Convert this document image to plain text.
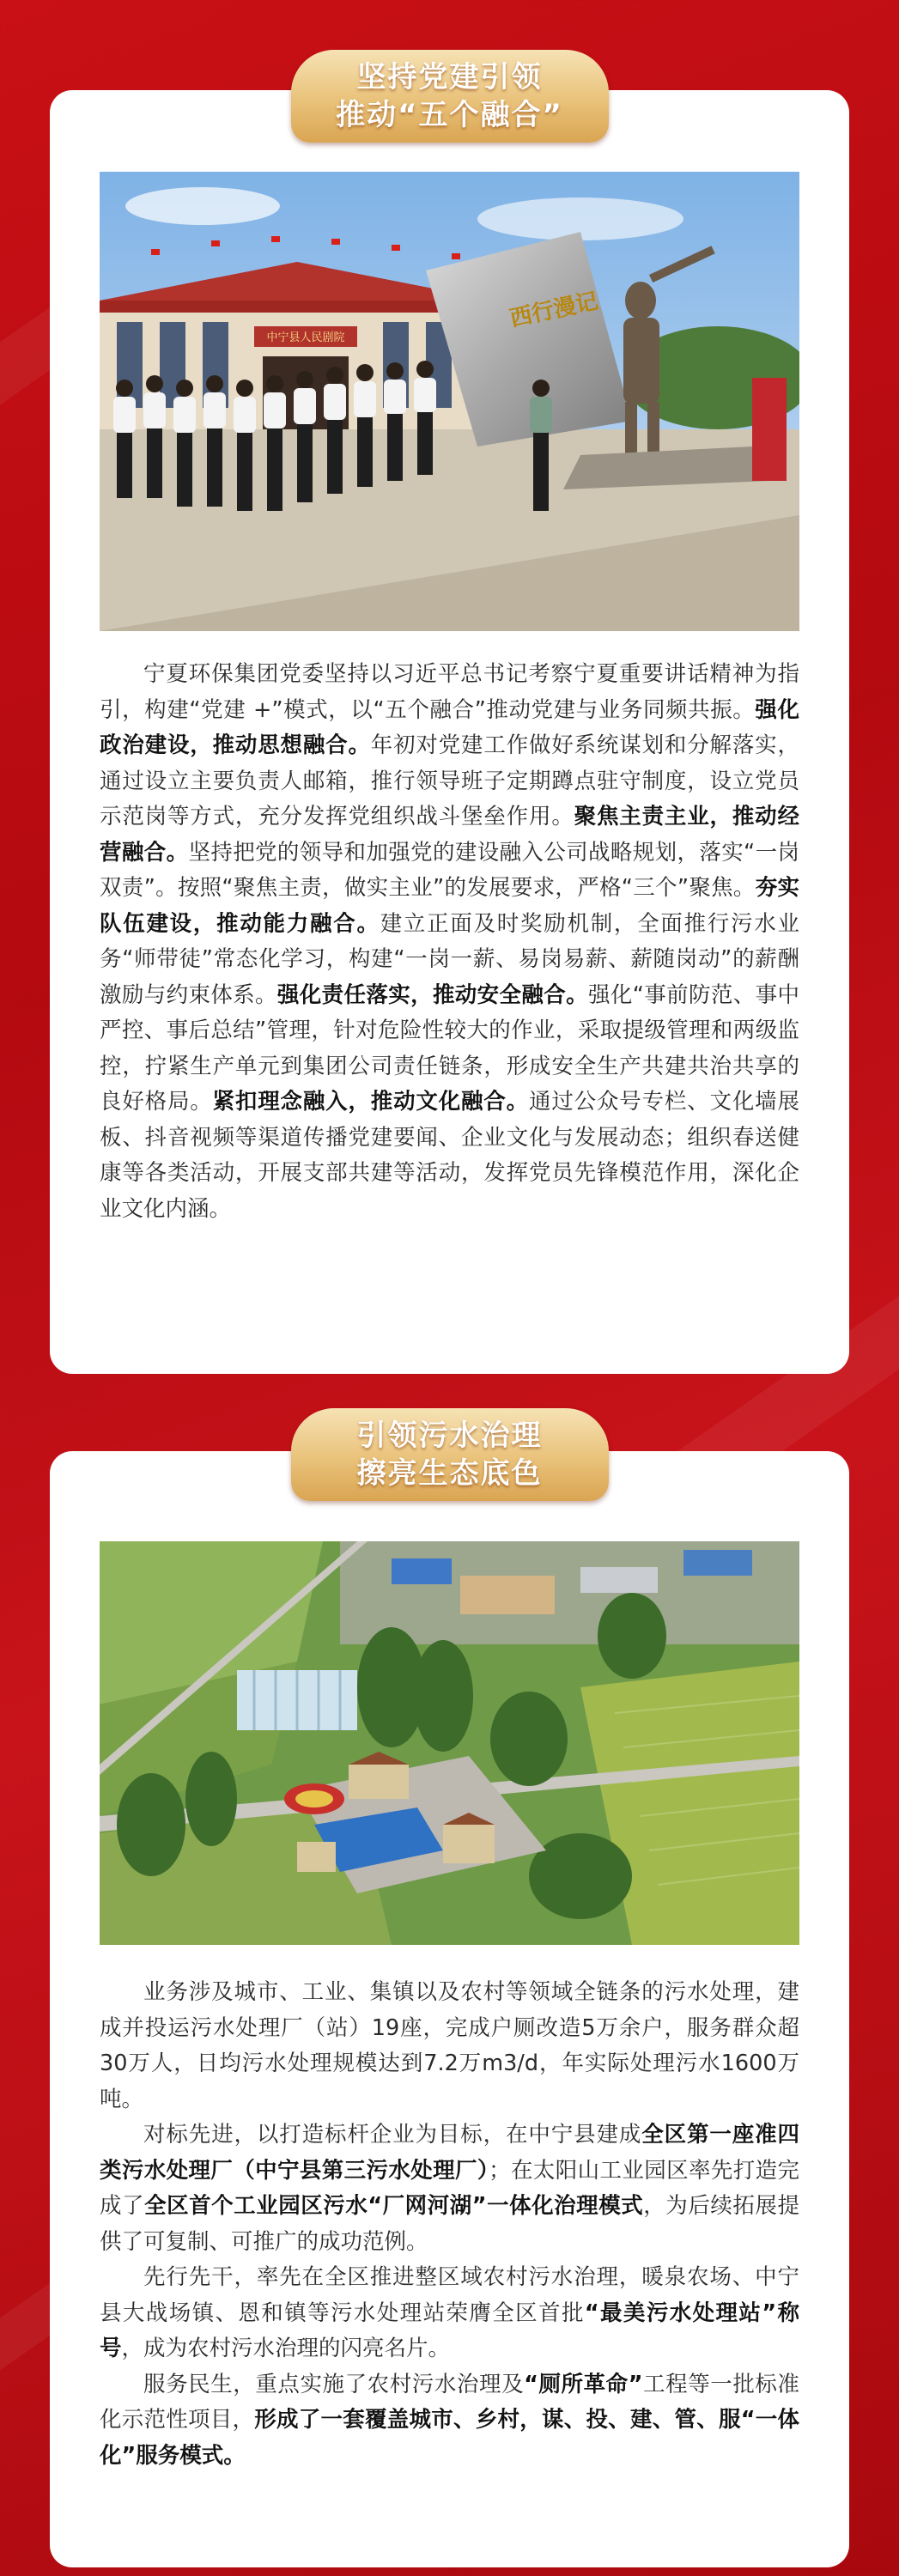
中宁县人民剧院
西行漫记

宁夏环保集团党委坚持以习近平总书记考察宁夏重要讲话精神为指引，构建“党建 +”模式，以“五个融合”推动党建与业务同频共振。强化政治建设，推动思想融合。年初对党建工作做好系统谋划和分解落实，通过设立主要负责人邮箱，推行领导班子定期蹲点驻守制度，设立党员示范岗等方式，充分发挥党组织战斗堡垒作用。聚焦主责主业，推动经营融合。坚持把党的领导和加强党的建设融入公司战略规划，落实“一岗双责”。按照“聚焦主责，做实主业”的发展要求，严格“三个”聚焦。夯实队伍建设，推动能力融合。建立正面及时奖励机制，全面推行污水业务“师带徒”常态化学习，构建“一岗一薪、易岗易薪、薪随岗动”的薪酬激励与约束体系。强化责任落实，推动安全融合。强化“事前防范、事中严控、事后总结”管理，针对危险性较大的作业，采取提级管理和两级监控，拧紧生产单元到集团公司责任链条，形成安全生产共建共治共享的良好格局。紧扣理念融入，推动文化融合。通过公众号专栏、文化墙展板、抖音视频等渠道传播党建要闻、企业文化与发展动态；组织春送健康等各类活动，开展支部共建等活动，发挥党员先锋模范作用，深化企业文化内涵。

坚持党建引领
推动“五个融合”

业务涉及城市、工业、集镇以及农村等领域全链条的污水处理，建成并投运污水处理厂（站）19座，完成户厕改造5万余户，服务群众超30万人，日均污水处理规模达到7.2万m3/d，年实际处理污水1600万吨。

对标先进，以打造标杆企业为目标，在中宁县建成全区第一座准四类污水处理厂（中宁县第三污水处理厂）；在太阳山工业园区率先打造完成了全区首个工业园区污水“厂网河湖”一体化治理模式，为后续拓展提供了可复制、可推广的成功范例。

先行先干，率先在全区推进整区域农村污水治理，暖泉农场、中宁县大战场镇、恩和镇等污水处理站荣膺全区首批“最美污水处理站”称号，成为农村污水治理的闪亮名片。

服务民生，重点实施了农村污水治理及“厕所革命”工程等一批标准化示范性项目，形成了一套覆盖城市、乡村，谋、投、建、管、服“一体化”服务模式。

引领污水治理
擦亮生态底色
